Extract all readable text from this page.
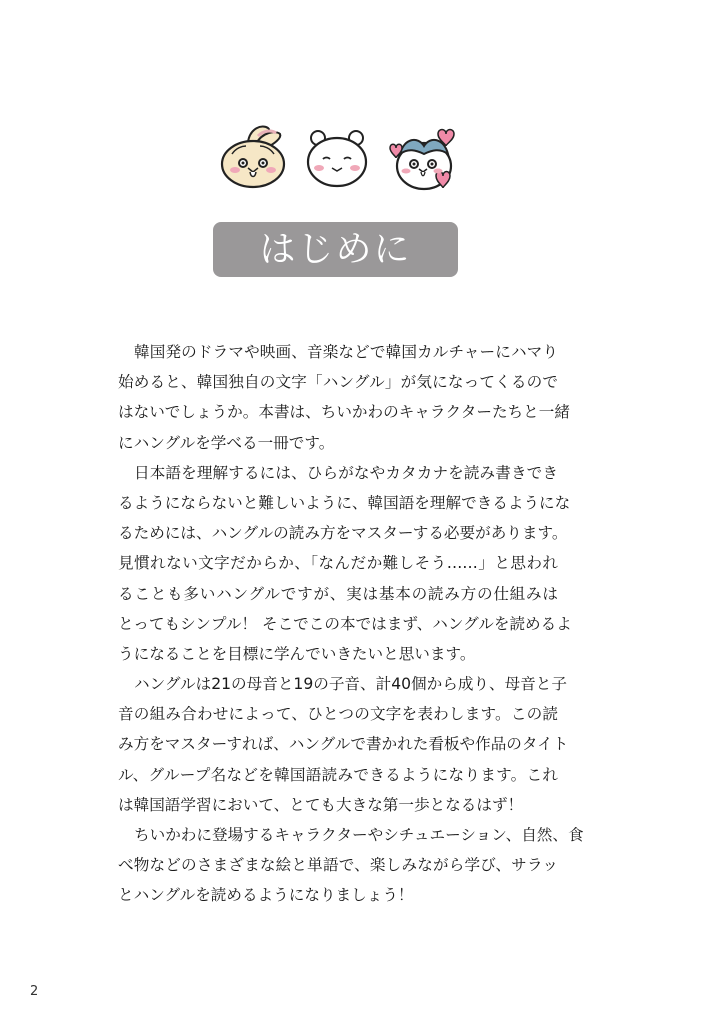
はじめに
韓国発のドラマや映画、音楽などで韓国カルチャーにハマり
始めると、韓国独自の文字「ハングル」が気になってくるので
はないでしょうか。本書は、ちいかわのキャラクターたちと一緒
にハングルを学べる一冊です。
日本語を理解するには、ひらがなやカタカナを読み書きでき
るようにならないと難しいように、韓国語を理解できるようにな
るためには、ハングルの読み方をマスターする必要があります。
見慣れない文字だからか、「なんだか難しそう……」と思われ
ることも多いハングルですが、実は基本の読み方の仕組みは
とってもシンプル！ そこでこの本ではまず、ハングルを読めるよ
うになることを目標に学んでいきたいと思います。
ハングルは21の母音と19の子音、計40個から成り、母音と子
音の組み合わせによって、ひとつの文字を表わします。この読
み方をマスターすれば、ハングルで書かれた看板や作品のタイト
ル、グループ名などを韓国語読みできるようになります。これ
は韓国語学習において、とても大きな第一歩となるはず！
ちいかわに登場するキャラクターやシチュエーション、自然、食
べ物などのさまざまな絵と単語で、楽しみながら学び、サラッ
とハングルを読めるようになりましょう！
2
